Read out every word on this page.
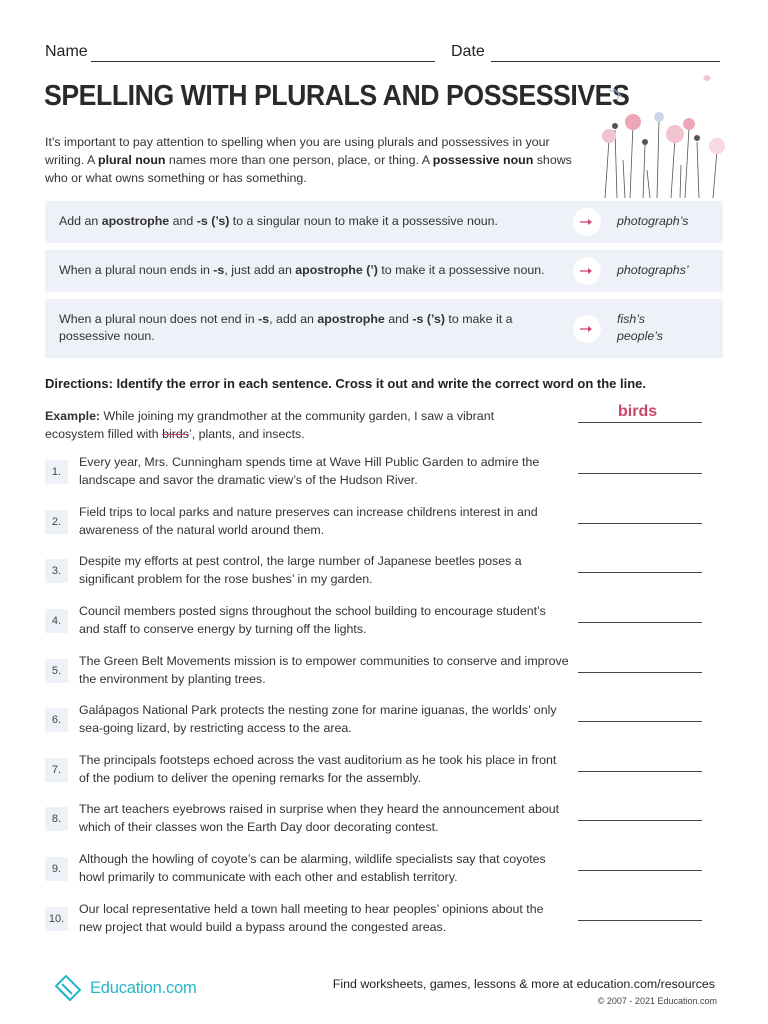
Name	Date
SPELLING WITH PLURALS AND POSSESSIVES
It’s important to pay attention to spelling when you are using plurals and possessives in your writing. A plural noun names more than one person, place, or thing. A possessive noun shows who or what owns something or has something.
Add an apostrophe and -s (’s) to a singular noun to make it a possessive noun.	photograph’s
When a plural noun ends in -s, just add an apostrophe (’) to make it a possessive noun.	photographs’
When a plural noun does not end in -s, add an apostrophe and -s (’s) to make it a possessive noun.
fish’s
people’s
Directions: Identify the error in each sentence. Cross it out and write the correct word on the line.
Example: While joining my grandmother at the community garden, I saw a vibrant ecosystem filled with birds’, plants, and insects.
birds
1.
Every year, Mrs. Cunningham spends time at Wave Hill Public Garden to admire the landscape and savor the dramatic view’s of the Hudson River.
2.
Field trips to local parks and nature preserves can increase childrens interest in and awareness of the natural world around them.
3.
Despite my efforts at pest control, the large number of Japanese beetles poses a significant problem for the rose bushes’ in my garden.
4.
Council members posted signs throughout the school building to encourage student’s and staff to conserve energy by turning off the lights.
5.
The Green Belt Movements mission is to empower communities to conserve and improve the environment by planting trees.
6.
Galápagos National Park protects the nesting zone for marine iguanas, the worlds’ only sea-going lizard, by restricting access to the area.
7.
The principals footsteps echoed across the vast auditorium as he took his place in front of the podium to deliver the opening remarks for the assembly.
8.
The art teachers eyebrows raised in surprise when they heard the announcement about which of their classes won the Earth Day door decorating contest.
9.
Although the howling of coyote’s can be alarming, wildlife specialists say that coyotes howl primarily to communicate with each other and establish territory.
10.
Our local representative held a town hall meeting to hear peoples’ opinions about the new project that would build a bypass around the congested areas.
Education.com	Find worksheets, games, lessons & more at education.com/resources
© 2007 - 2021 Education.com
